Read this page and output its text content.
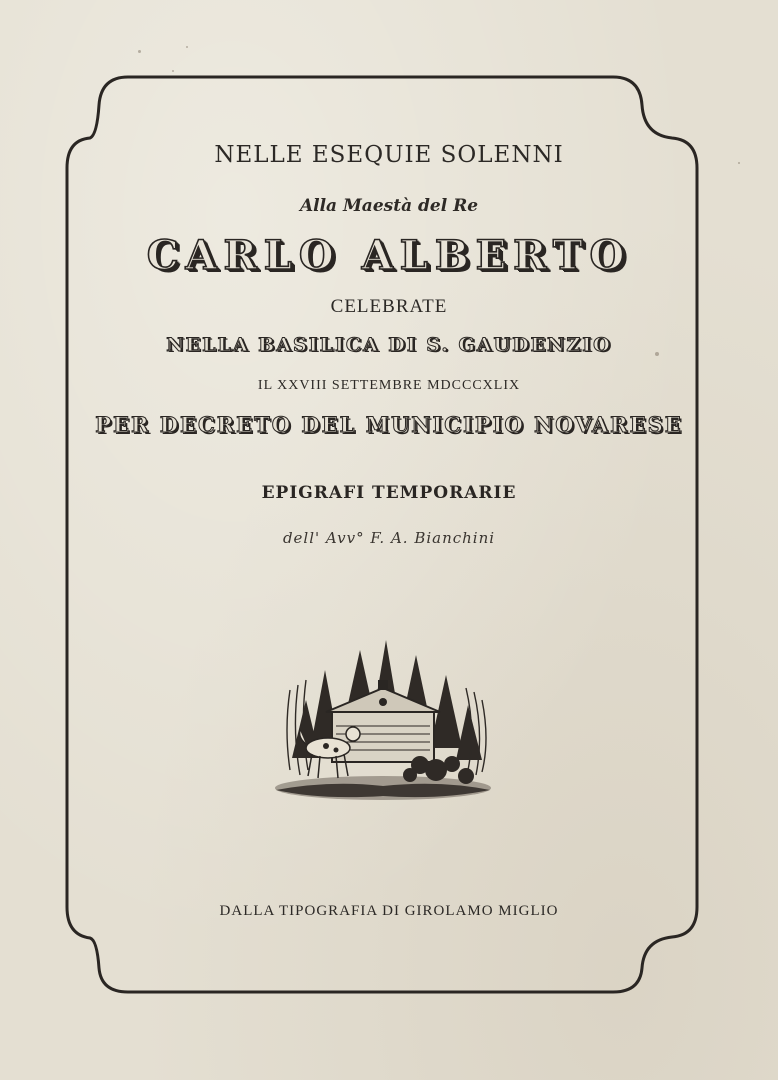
NELLE ESEQUIE SOLENNI
Alla Maestà del Re
CARLO ALBERTO
CELEBRATE
NELLA BASILICA DI S. GAUDENZIO
IL XXVIII SETTEMBRE MDCCCXLIX
PER DECRETO DEL MUNICIPIO NOVARESE
EPIGRAFI TEMPORARIE
dell' Avv° F. A. Bianchini
DALLA TIPOGRAFIA DI GIROLAMO MIGLIO
